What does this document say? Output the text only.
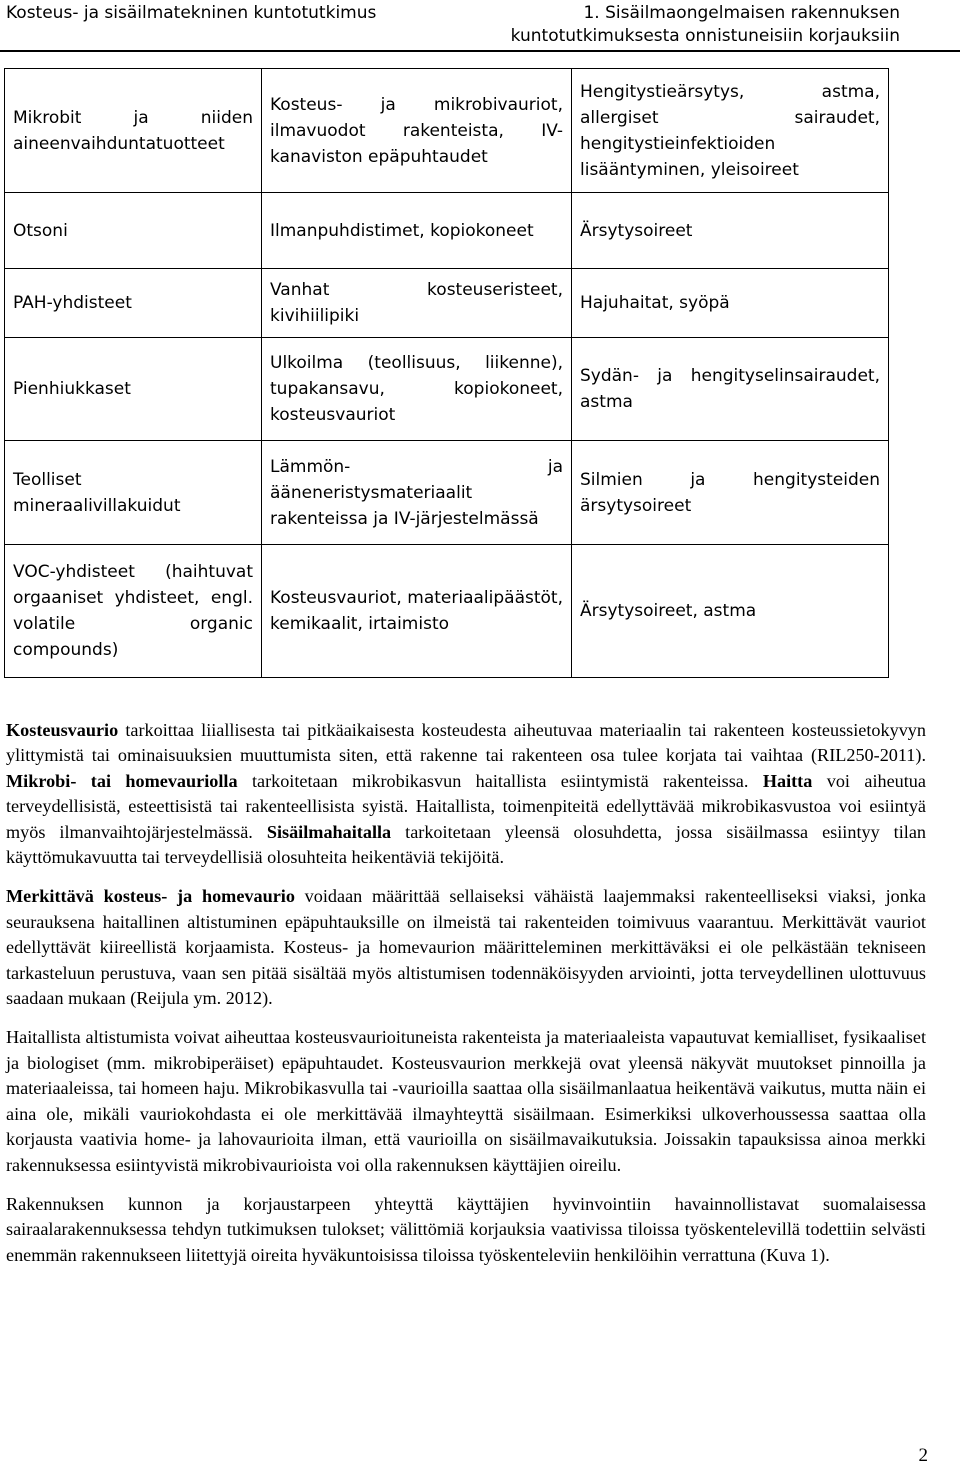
Kosteus- ja sisäilmatekninen kuntotutkimus	1. Sisäilmaongelmaisen rakennuksen
kuntotutkimuksesta onnistuneisiin korjauksiin
Mikrobit ja niiden aineenvaihduntatuotteet	Kosteus- ja mikrobivauriot, ilmavuodot rakenteista, IV-kanaviston epäpuhtaudet	Hengitystieärsytys, astma, allergiset sairaudet, hengitystieinfektioiden lisääntyminen, yleisoireet
Otsoni	Ilmanpuhdistimet, kopiokoneet	Ärsytysoireet
PAH-yhdisteet	Vanhat kosteuseristeet, kivihiilipiki	Hajuhaitat, syöpä
Pienhiukkaset	Ulkoilma (teollisuus, liikenne), tupakansavu, kopiokoneet, kosteusvauriot	Sydän- ja hengityselinsairaudet, astma
Teolliset mineraalivillakuidut	Lämmön- ja ääneneristysmateriaalit rakenteissa ja IV-järjestelmässä	Silmien ja hengitysteiden ärsytysoireet
VOC-yhdisteet (haihtuvat orgaaniset yhdisteet, engl. volatile organic compounds)	Kosteusvauriot, materiaalipäästöt, kemikaalit, irtaimisto	Ärsytysoireet, astma

Kosteusvaurio tarkoittaa liiallisesta tai pitkäaikaisesta kosteudesta aiheutuvaa materiaalin tai rakenteen kosteussietokyvyn ylittymistä tai ominaisuuksien muuttumista siten, että rakenne tai rakenteen osa tulee korjata tai vaihtaa (RIL250-2011). Mikrobi- tai homevauriolla tarkoitetaan mikrobikasvun haitallista esiintymistä rakenteissa. Haitta voi aiheutua terveydellisistä, esteettisistä tai rakenteellisista syistä. Haitallista, toimenpiteitä edellyttävää mikrobikasvustoa voi esiintyä myös ilmanvaihtojärjestelmässä. Sisäilmahaitalla tarkoitetaan yleensä olosuhdetta, jossa sisäilmassa esiintyy tilan käyttömukavuutta tai terveydellisiä olosuhteita heikentäviä tekijöitä.

Merkittävä kosteus- ja homevaurio voidaan määrittää sellaiseksi vähäistä laajemmaksi rakenteelliseksi viaksi, jonka seurauksena haitallinen altistuminen epäpuhtauksille on ilmeistä tai rakenteiden toimivuus vaarantuu. Merkittävät vauriot edellyttävät kiireellistä korjaamista. Kosteus- ja homevaurion määritteleminen merkittäväksi ei ole pelkästään tekniseen tarkasteluun perustuva, vaan sen pitää sisältää myös altistumisen todennäköisyyden arviointi, jotta terveydellinen ulottuvuus saadaan mukaan (Reijula ym. 2012).

Haitallista altistumista voivat aiheuttaa kosteusvaurioituneista rakenteista ja materiaaleista vapautuvat kemialliset, fysikaaliset ja biologiset (mm. mikrobiperäiset) epäpuhtaudet. Kosteusvaurion merkkejä ovat yleensä näkyvät muutokset pinnoilla ja materiaaleissa, tai homeen haju. Mikrobikasvulla tai -vaurioilla saattaa olla sisäilmanlaatua heikentävä vaikutus, mutta näin ei aina ole, mikäli vauriokohdasta ei ole merkittävää ilmayhteyttä sisäilmaan. Esimerkiksi ulkoverhoussessa saattaa olla korjausta vaativia home- ja lahovaurioita ilman, että vaurioilla on sisäilmavaikutuksia. Joissakin tapauksissa ainoa merkki rakennuksessa esiintyvistä mikrobivaurioista voi olla rakennuksen käyttäjien oireilu.

Rakennuksen kunnon ja korjaustarpeen yhteyttä käyttäjien hyvinvointiin havainnollistavat suomalaisessa sairaalarakennuksessa tehdyn tutkimuksen tulokset; välittömiä korjauksia vaativissa tiloissa työskentelevillä todettiin selvästi enemmän rakennukseen liitettyjä oireita hyväkuntoisissa tiloissa työskenteleviin henkilöihin verrattuna (Kuva 1).

2
